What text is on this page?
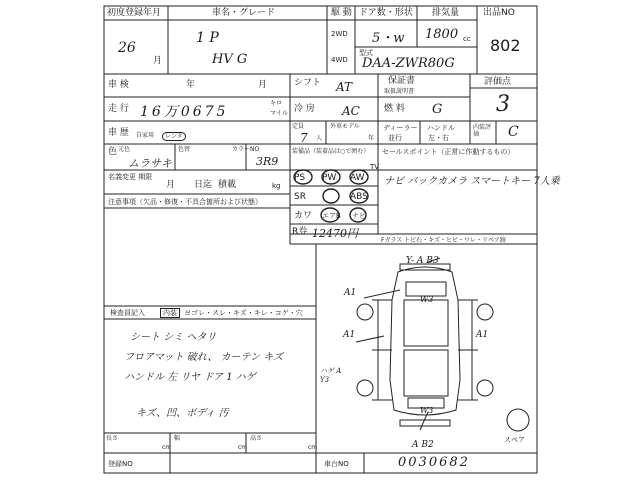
初度登録年月
26
月
車名・グレード
1 P
HV G
駆 動
2WD
4WD
ドア数・形状
5・w
排気量
1800 cc
型式
DAA-ZWR80G
出品NO
802
車 検	年	月	シフト AT	保証書
取扱説明書
評価点
3
走 行 16万0675
キロ
マイル 冷 房 AC	燃 料 G
車 歴 自家用	レンタ
定員
7 人
外車モデル
年
ディーラー
並行
ハンドル
左・右
内装評価	C
色 元色
ムラサキ
色替	カラーNO
3R9
名義変更 期限
月 日迄 積載	kg
注意事項（欠品・修復・不具合箇所および状態）
装備品（装着品は○で囲む）
PS PW AW
SR	ABS
カワ エアB ナビ
TV
R券 12470円
セールスポイント（正常に作動するもの）
ナビ バックカメラ スマートキー 7人乗
Fガラス トビ石・キズ・ヒビ・ワレ・リペア跡
検査員記入	内装	ヨゴレ・スレ・キズ・キレ・コゲ・穴
シート シミ ヘタリ
フロアマット 破れ、 カーテン キズ
ハンドル 左 リヤ ドア 1 ハゲ
キズ、凹、ボディ 汚
Y- A B3
A1
A1
W3
W3
A B2
A1
スペア
ハゲ A Y3
長さ
cm
幅
cm
高さ
cm
登録NO	車台NO	0030682
